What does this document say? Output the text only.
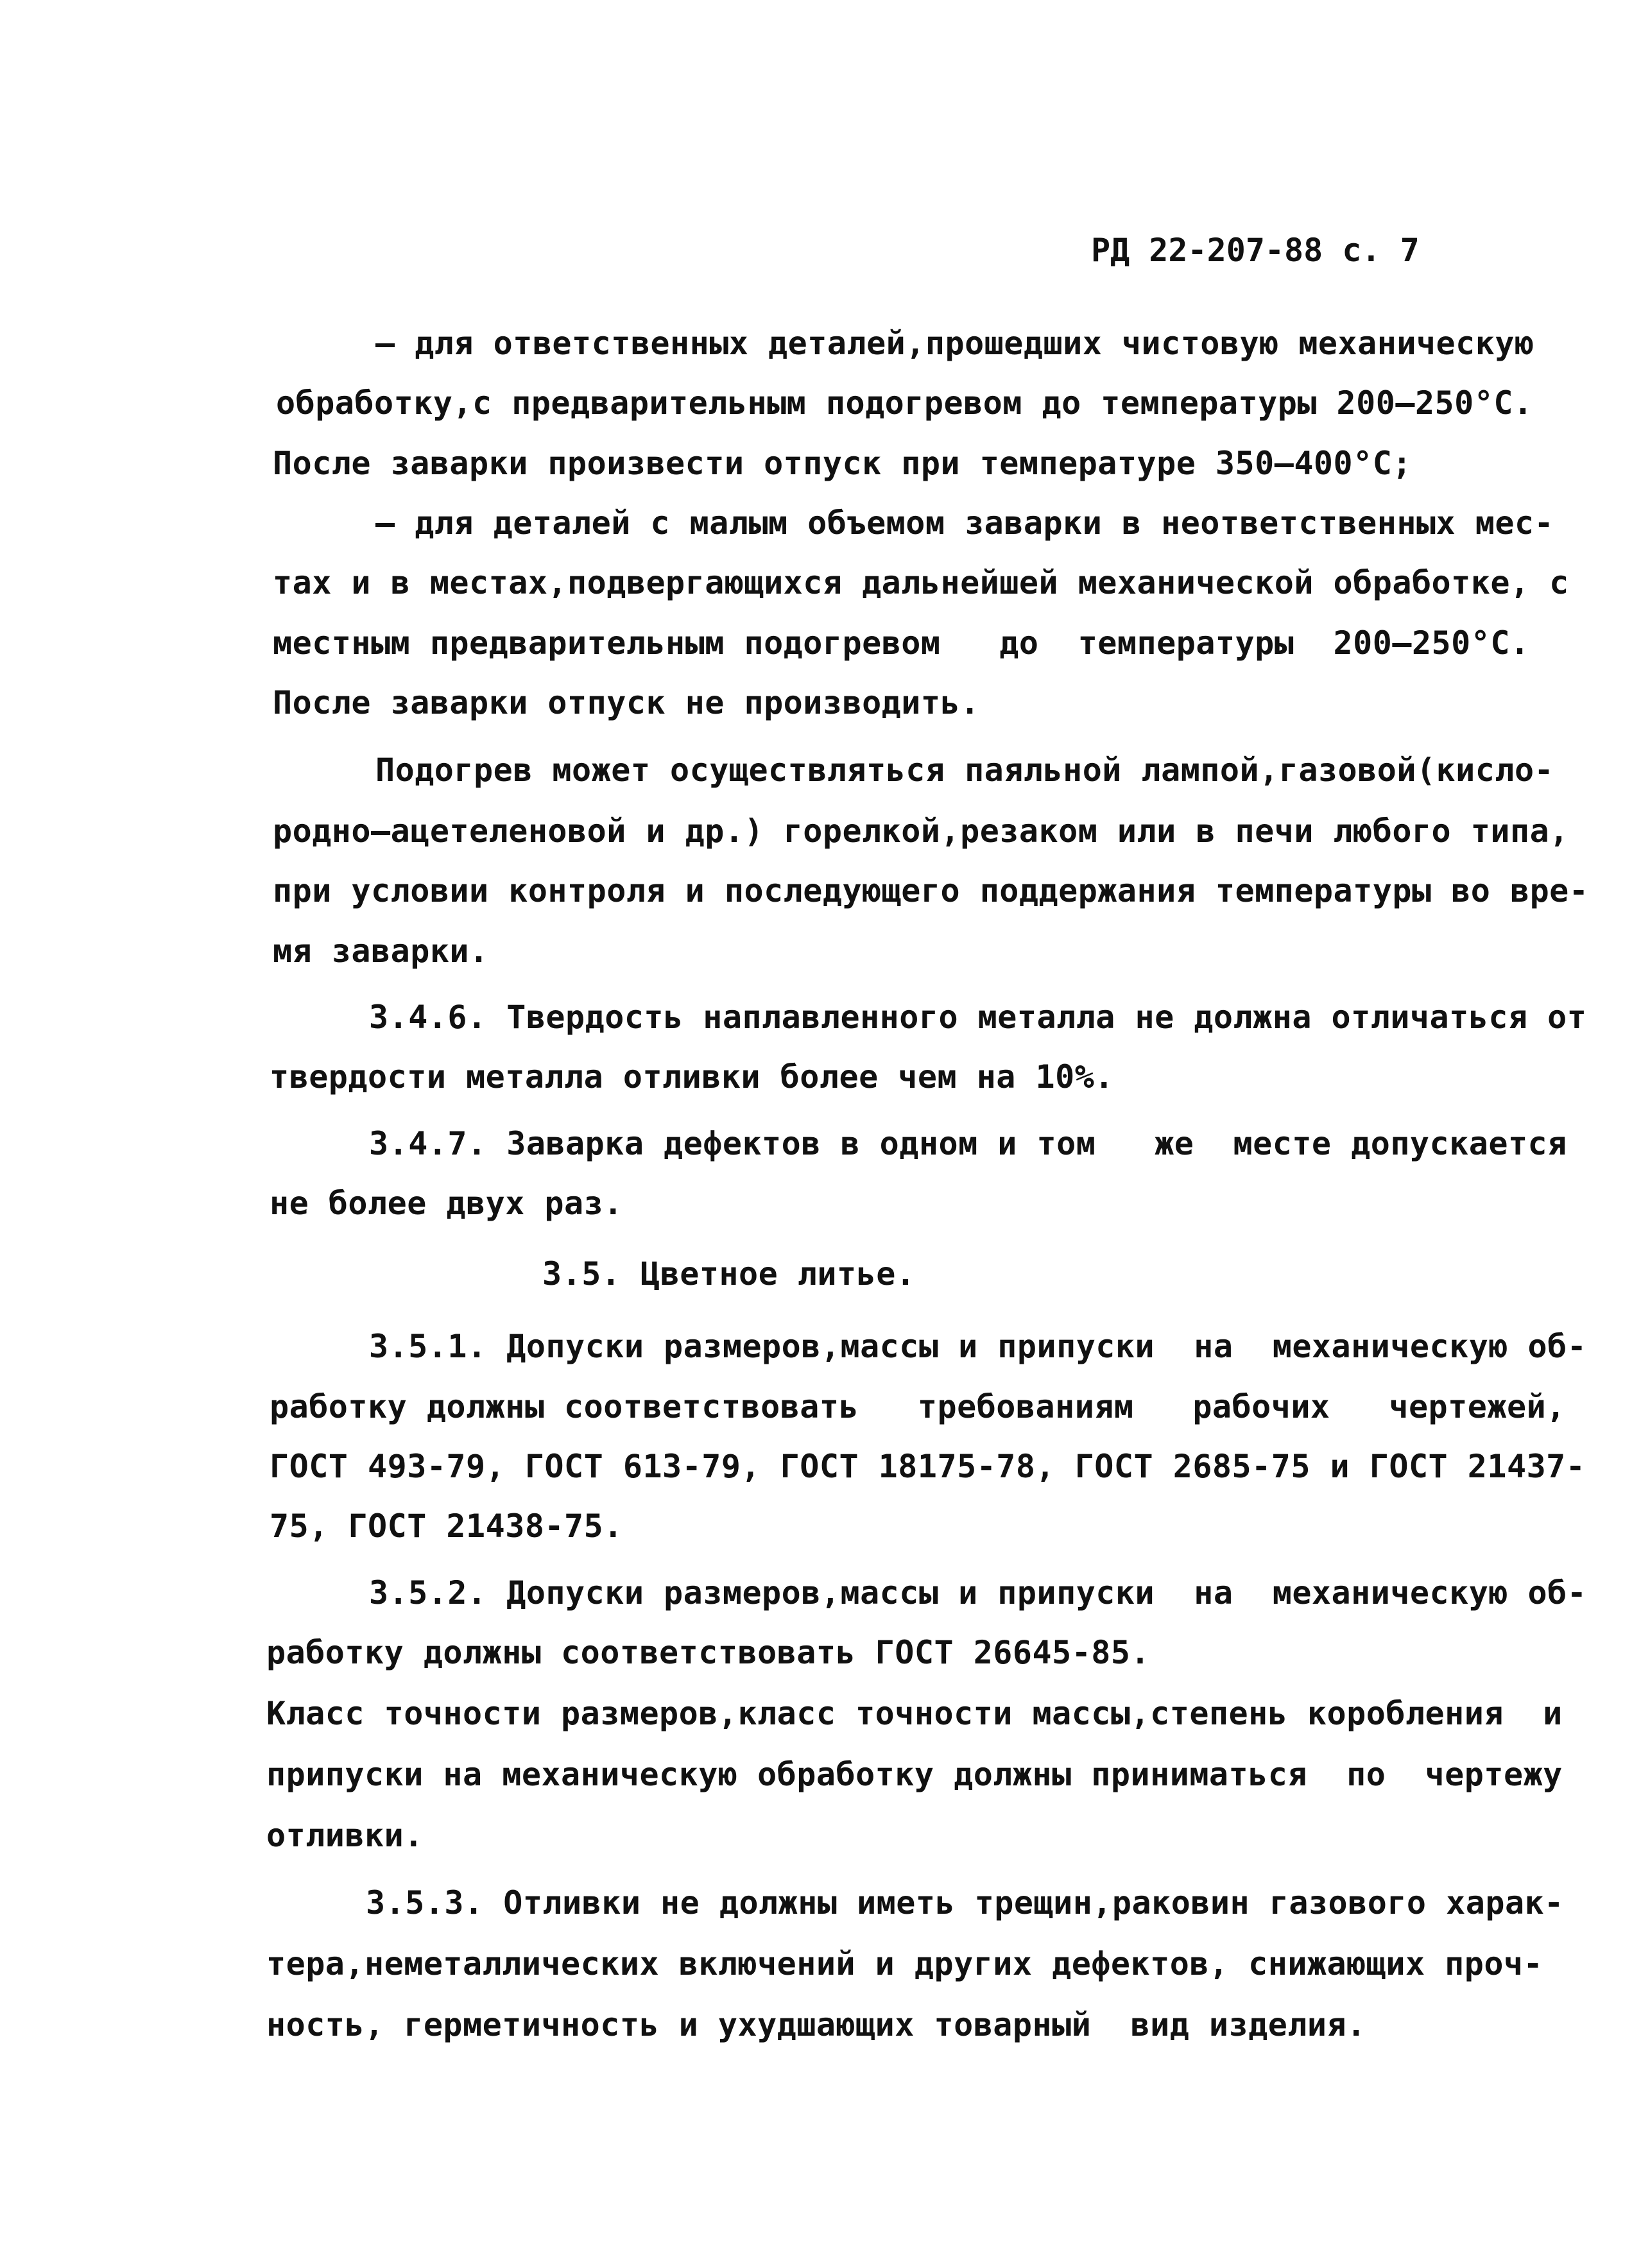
РД 22-207-88 с. 7
– для ответственных деталей,прошедших чистовую механическую
обработку,с предварительным подогревом до температуры 200–250°С.
После заварки произвести отпуск при температуре 350–400°С;
– для деталей с малым объемом заварки в неответственных мес-
тах и в местах,подвергающихся дальнейшей механической обработке, с
местным предварительным подогревом   до  температуры  200–250°С.
После заварки отпуск не производить.
Подогрев может осуществляться паяльной лампой,газовой(кисло-
родно–ацетеленовой и др.) горелкой,резаком или в печи любого типа,
при условии контроля и последующего поддержания температуры во вре-
мя заварки.
3.4.6. Твердость наплавленного металла не должна отличаться от
твердости металла отливки более чем на 10%.
3.4.7. Заварка дефектов в одном и том   же  месте допускается
не более двух раз.
3.5. Цветное литье.
3.5.1. Допуски размеров,массы и припуски  на  механическую об-
работку должны соответствовать   требованиям   рабочих   чертежей,
ГОСТ 493-79, ГОСТ 613-79, ГОСТ 18175-78, ГОСТ 2685-75 и ГОСТ 21437-
75, ГОСТ 21438-75.
3.5.2. Допуски размеров,массы и припуски  на  механическую об-
работку должны соответствовать ГОСТ 26645-85.
Класс точности размеров,класс точности массы,степень коробления  и
припуски на механическую обработку должны приниматься  по  чертежу
отливки.
3.5.3. Отливки не должны иметь трещин,раковин газового харак-
тера,неметаллических включений и других дефектов, снижающих проч-
ность, герметичность и ухудшающих товарный  вид изделия.
